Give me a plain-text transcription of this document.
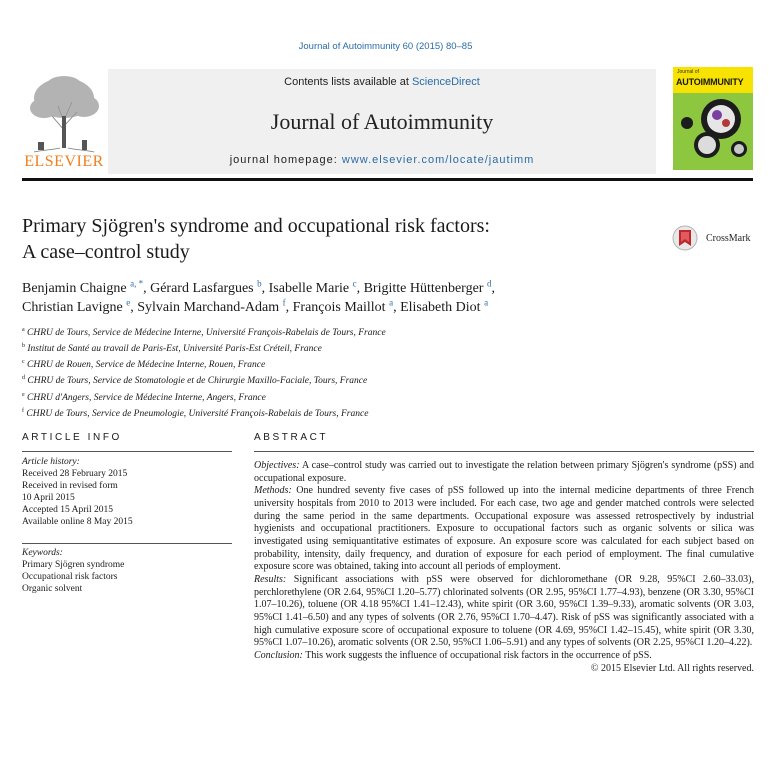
Journal of Autoimmunity 60 (2015) 80–85
ELSEVIER
Contents lists available at ScienceDirect
Journal of Autoimmunity
journal homepage: www.elsevier.com/locate/jautimm
Journal of
AUTOIMMUNITY
Primary Sjögren's syndrome and occupational risk factors:
A case–control study
CrossMark
Benjamin Chaigne $^{a, *}$, Gérard Lasfargues $^b$, Isabelle Marie $^c$, Brigitte Hüttenberger $^d$,
Christian Lavigne $^e$, Sylvain Marchand-Adam $^f$, François Maillot $^a$, Elisabeth Diot $^a$
$^a$ CHRU de Tours, Service de Médecine Interne, Université François-Rabelais de Tours, France
$^b$ Institut de Santé au travail de Paris-Est, Université Paris-Est Créteil, France
$^c$ CHRU de Rouen, Service de Médecine Interne, Rouen, France
$^d$ CHRU de Tours, Service de Stomatologie et de Chirurgie Maxillo-Faciale, Tours, France
$^e$ CHRU d'Angers, Service de Médecine Interne, Angers, France
$^f$ CHRU de Tours, Service de Pneumologie, Université François-Rabelais de Tours, France
ARTICLE INFO
Article history:
Received 28 February 2015
Received in revised form
10 April 2015
Accepted 15 April 2015
Available online 8 May 2015
Keywords:
Primary Sjögren syndrome
Occupational risk factors
Organic solvent
ABSTRACT

Objectives: A case–control study was carried out to investigate the relation between primary Sjögren's syndrome (pSS) and occupational exposure.

Methods: One hundred seventy five cases of pSS followed up into the internal medicine departments of three French university hospitals from 2010 to 2013 were included. For each case, two age and gender matched controls were selected during the same period in the same departments. Occupational exposure was assessed retrospectively by industrial hygienists and occupational practitioners. Exposure to occupational factors such as organic solvents or silica was investigated using semiquantitative estimates of exposure. An exposure score was calculated for each subject based on probability, intensity, daily frequency, and duration of exposure for each period of employment. The final cumulative exposure score was obtained, taking into account all periods of employment.

Results: Significant associations with pSS were observed for dichloromethane (OR 9.28, 95%CI 2.60–33.03), perchlorethylene (OR 2.64, 95%CI 1.20–5.77) chlorinated solvents (OR 2.95, 95%CI 1.77–4.93), benzene (OR 3.30, 95%CI 1.07–10.26), toluene (OR 4.18 95%CI 1.41–12.43), white spirit (OR 3.60, 95%CI 1.39–9.33), aromatic solvents (OR 3.03, 95%CI 1.41–6.50) and any types of solvents (OR 2.76, 95%CI 1.70–4.47). Risk of pSS was significantly associated with a high cumulative exposure score of occupational exposure to toluene (OR 4.69, 95%CI 1.42–15.45), white spirit (OR 3.30, 95%CI 1.07–10.26), aromatic solvents (OR 2.50, 95%CI 1.06–5.91) and any types of solvents (OR 2.25, 95%CI 1.20–4.22).

Conclusion: This work suggests the influence of occupational risk factors in the occurrence of pSS.

© 2015 Elsevier Ltd. All rights reserved.
